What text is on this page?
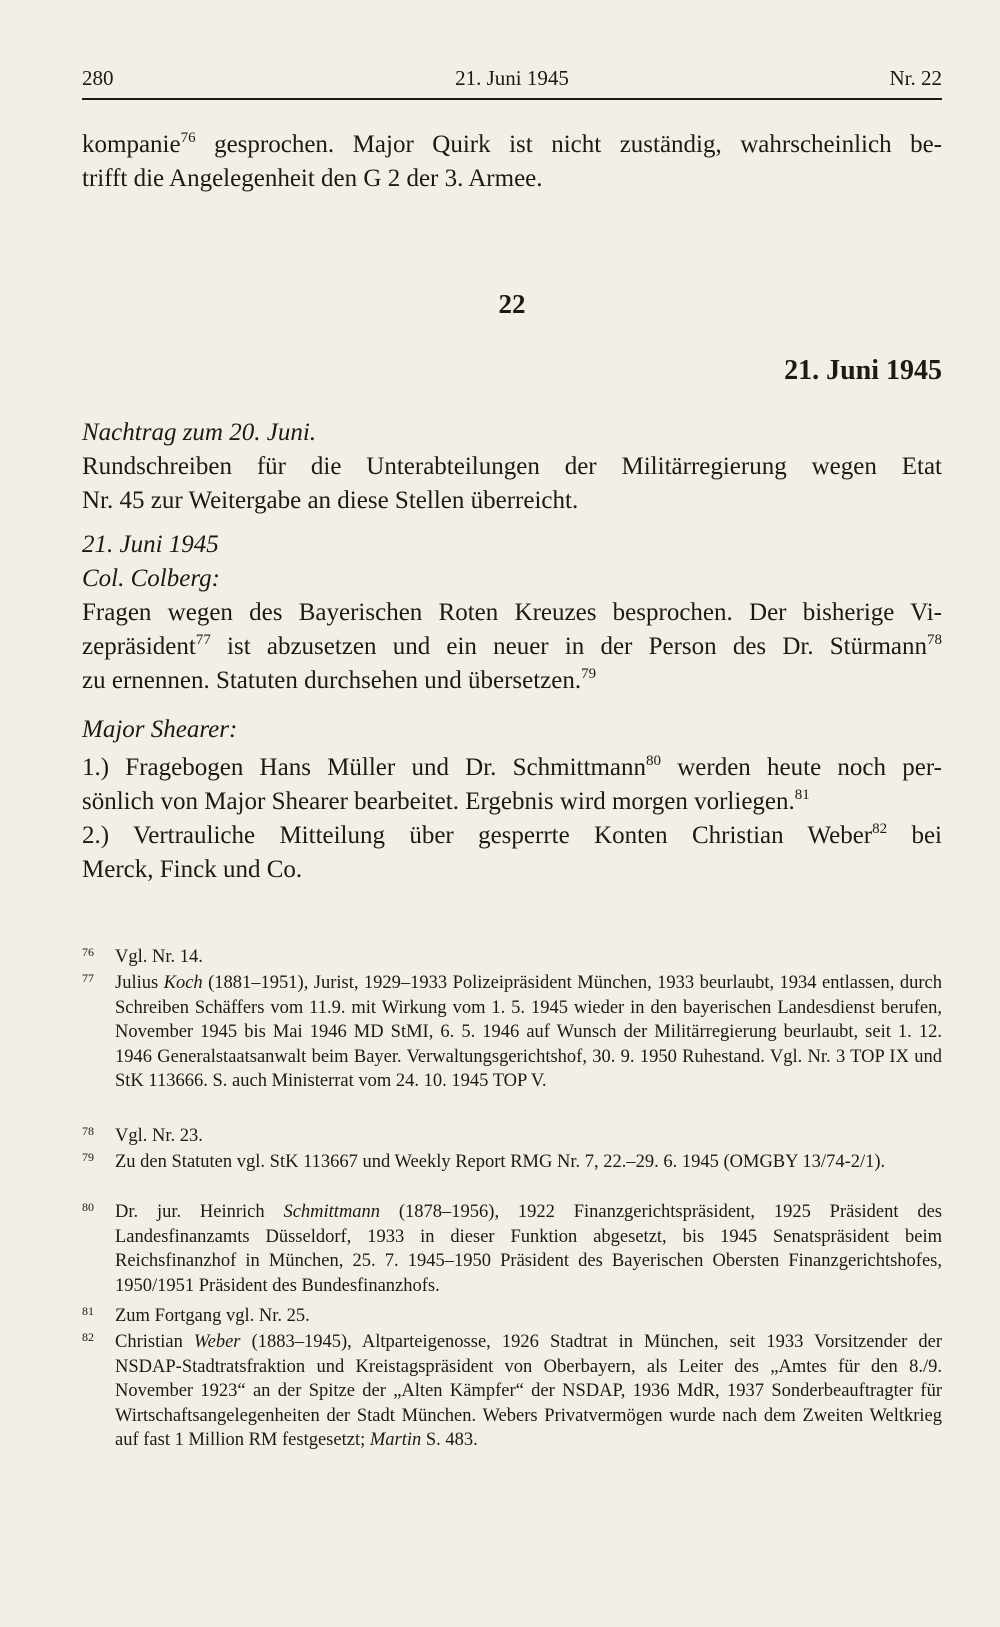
280	21. Juni 1945	Nr. 22
kompanie$^{76}$ gesprochen. Major Quirk ist nicht zuständig, wahrscheinlich be-
trifft die Angelegenheit den G 2 der 3. Armee.
22
21. Juni 1945
Nachtrag zum 20. Juni.
Rundschreiben für die Unterabteilungen der Militärregierung wegen Etat
Nr. 45 zur Weitergabe an diese Stellen überreicht.
21. Juni 1945
Col. Colberg:
Fragen wegen des Bayerischen Roten Kreuzes besprochen. Der bisherige Vi-
zepräsident$^{77}$ ist abzusetzen und ein neuer in der Person des Dr. Stürmann$^{78}$
zu ernennen. Statuten durchsehen und übersetzen.$^{79}$
Major Shearer:
1.) Fragebogen Hans Müller und Dr. Schmittmann$^{80}$ werden heute noch per-
sönlich von Major Shearer bearbeitet. Ergebnis wird morgen vorliegen.$^{81}$
2.) Vertrauliche Mitteilung über gesperrte Konten Christian Weber$^{82}$ bei
Merck, Finck und Co.
76 Vgl. Nr. 14.
77 Julius Koch (1881–1951), Jurist, 1929–1933 Polizeipräsident München, 1933 beurlaubt, 1934 entlassen, durch Schreiben Schäffers vom 11.9. mit Wirkung vom 1. 5. 1945 wieder in den bayerischen Landesdienst berufen, November 1945 bis Mai 1946 MD StMI, 6. 5. 1946 auf Wunsch der Militärregierung beurlaubt, seit 1. 12. 1946 Generalstaatsanwalt beim Bayer. Verwaltungsgerichtshof, 30. 9. 1950 Ruhestand. Vgl. Nr. 3 TOP IX und StK 113666. S. auch Ministerrat vom 24. 10. 1945 TOP V.
78 Vgl. Nr. 23.
79 Zu den Statuten vgl. StK 113667 und Weekly Report RMG Nr. 7, 22.–29. 6. 1945 (OMGBY 13/74-2/1).
80 Dr. jur. Heinrich Schmittmann (1878–1956), 1922 Finanzgerichtspräsident, 1925 Präsident des Landesfinanzamts Düsseldorf, 1933 in dieser Funktion abgesetzt, bis 1945 Senatspräsident beim Reichsfinanzhof in München, 25. 7. 1945–1950 Präsident des Bayerischen Obersten Finanzgerichtshofes, 1950/1951 Präsident des Bundesfinanzhofs.
81 Zum Fortgang vgl. Nr. 25.
82 Christian Weber (1883–1945), Altparteigenosse, 1926 Stadtrat in München, seit 1933 Vorsitzender der NSDAP-Stadtratsfraktion und Kreistagspräsident von Oberbayern, als Leiter des „Amtes für den 8./9. November 1923“ an der Spitze der „Alten Kämpfer“ der NSDAP, 1936 MdR, 1937 Sonderbeauftragter für Wirtschaftsangelegenheiten der Stadt München. Webers Privatvermögen wurde nach dem Zweiten Weltkrieg auf fast 1 Million RM festgesetzt; Martin S. 483.
